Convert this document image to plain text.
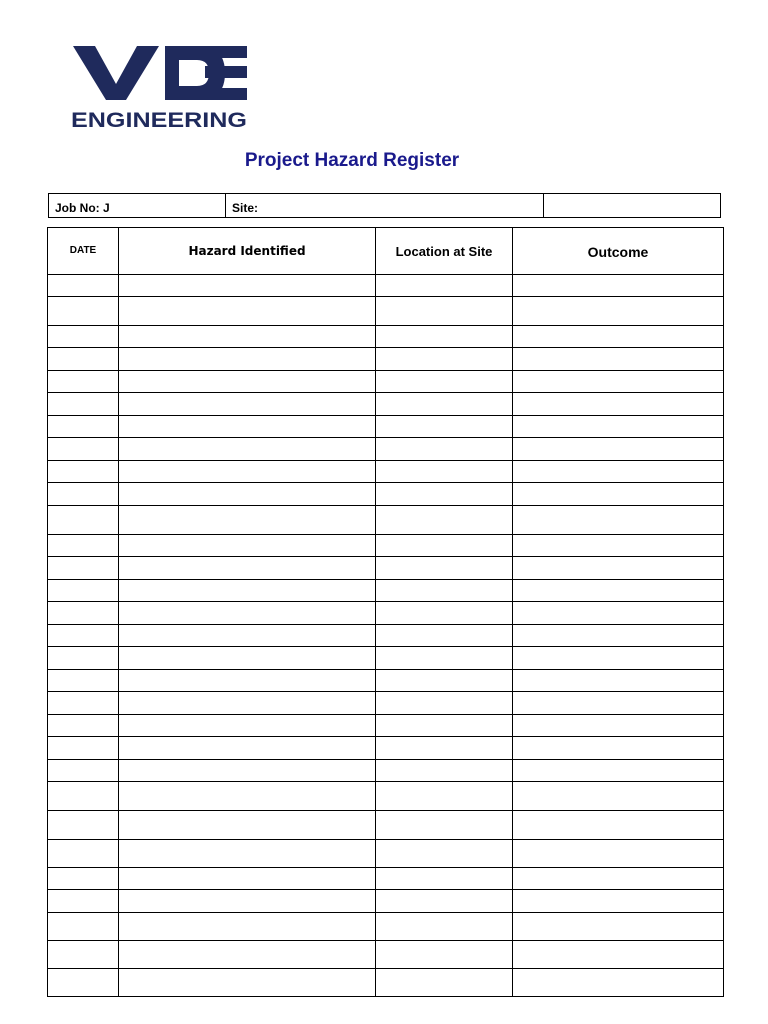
ENGINEERING
Project Hazard Register
Job No: J	Site:
DATE	Hazard Identified	Location at Site	Outcome
